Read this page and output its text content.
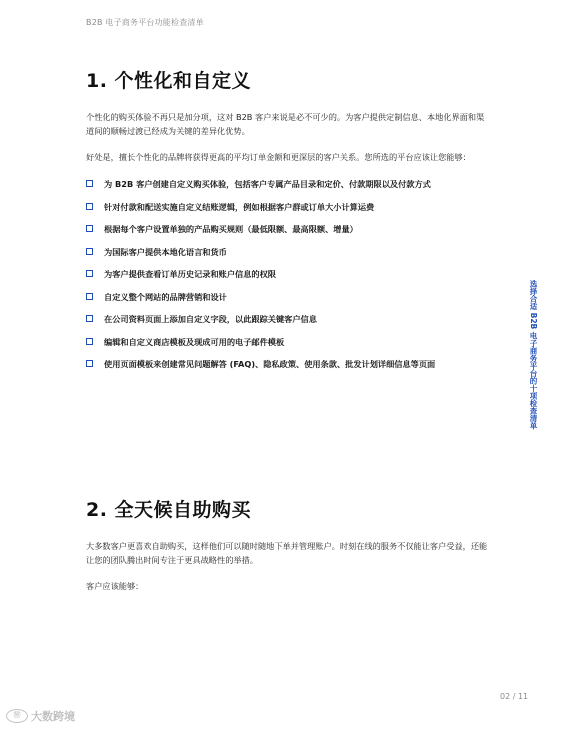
B2B 电子商务平台功能检查清单
选择合适 B2B 电子商务平台的十项检查清单
1. 个性化和自定义

个性化的购买体验不再只是加分项，这对 B2B 客户来说是必不可少的。为客户提供定制信息、本地化界面和渠道间的顺畅过渡已经成为关键的差异化优势。

好处是，擅长个性化的品牌将获得更高的平均订单金额和更深层的客户关系。您所选的平台应该让您能够：

为 B2B 客户创建自定义购买体验，包括客户专属产品目录和定价、付款期限以及付款方式
针对付款和配送实施自定义结账逻辑，例如根据客户群或订单大小计算运费
根据每个客户设置单独的产品购买规则（最低限额、最高限额、增量）
为国际客户提供本地化语言和货币
为客户提供查看订单历史记录和账户信息的权限
自定义整个网站的品牌营销和设计
在公司资料页面上添加自定义字段，以此跟踪关键客户信息
编辑和自定义商店模板及现成可用的电子邮件模板
使用页面模板来创建常见问题解答 (FAQ)、隐私政策、使用条款、批发计划详细信息等页面
2. 全天候自助购买

大多数客户更喜欢自助购买，这样他们可以随时随地下单并管理账户。时刻在线的服务不仅能让客户受益，还能让您的团队腾出时间专注于更具战略性的举措。

客户应该能够：

02 / 11
Ⓦ 大数跨境
